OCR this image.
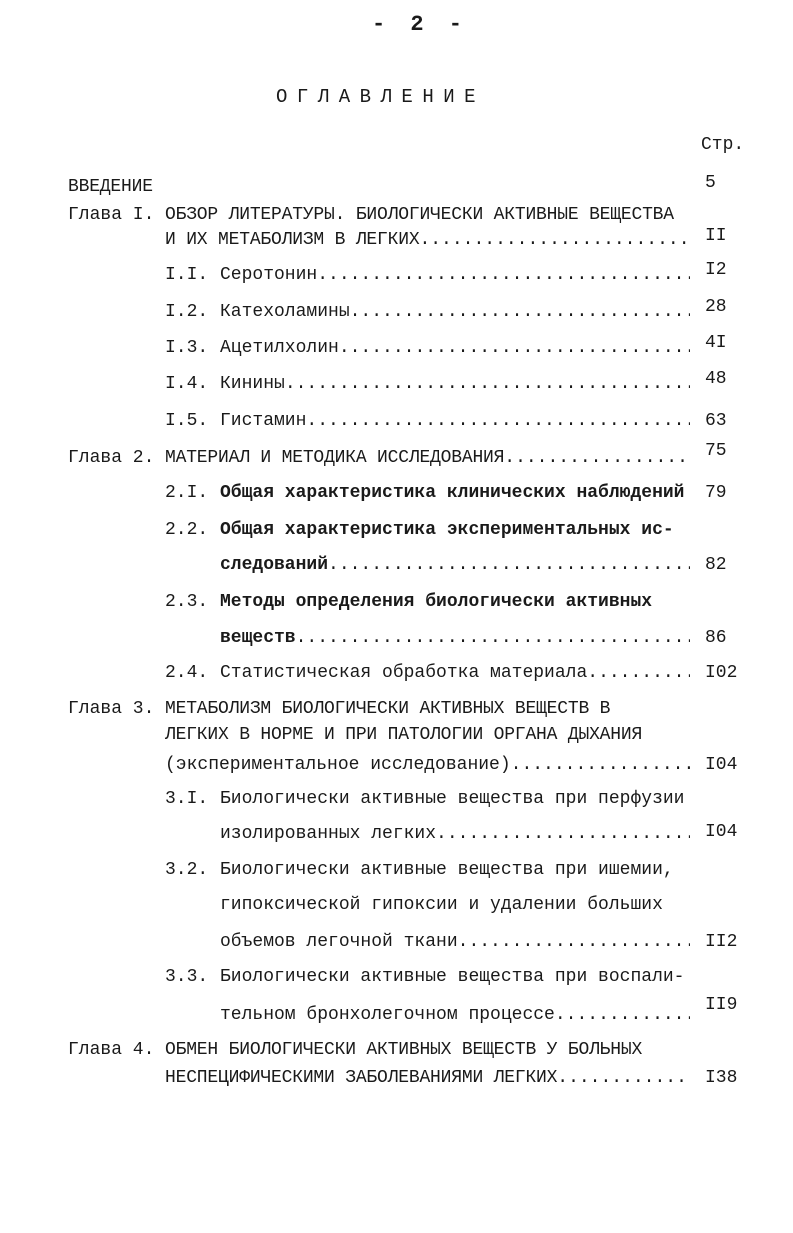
- 2 -
ОГЛАВЛЕНИЕ
Стр.
ВВЕДЕНИЕ	5
Глава I. ОБЗОР ЛИТЕРАТУРЫ. БИОЛОГИЧЕСКИ АКТИВНЫЕ ВЕЩЕСТВА
И ИХ МЕТАБОЛИЗМ В ЛЕГКИХ .....	II
I.I. Серотонин .....	I2
I.2. Катехоламины .....	28
I.3. Ацетилхолин .....	4I
I.4. Кинины .....	48
I.5. Гистамин .....	63
Глава 2. МАТЕРИАЛ И МЕТОДИКА ИССЛЕДОВАНИЯ .....	75
2.I. Общая характеристика клинических наблюдений 79
2.2. Общая характеристика экспериментальных ис-
следований .....	82
2.3. Методы определения биологически активных
веществ .....	86
2.4. Статистическая обработка материала .....	I02
Глава 3. МЕТАБОЛИЗМ БИОЛОГИЧЕСКИ АКТИВНЫХ ВЕЩЕСТВ В
ЛЕГКИХ В НОРМЕ И ПРИ ПАТОЛОГИИ ОРГАНА ДЫХАНИЯ
(экспериментальное исследование) .....	I04
3.I. Биологически активные вещества при перфузии
изолированных легких .....	I04
3.2. Биологически активные вещества при ишемии,
гипоксической гипоксии и удалении больших
объемов легочной ткани .....	II2
3.3. Биологически активные вещества при воспали-
тельном бронхолегочном процессе .....	II9
Глава 4. ОБМЕН БИОЛОГИЧЕСКИ АКТИВНЫХ ВЕЩЕСТВ У БОЛЬНЫХ
НЕСПЕЦИФИЧЕСКИМИ ЗАБОЛЕВАНИЯМИ ЛЕГКИХ .....	I38
